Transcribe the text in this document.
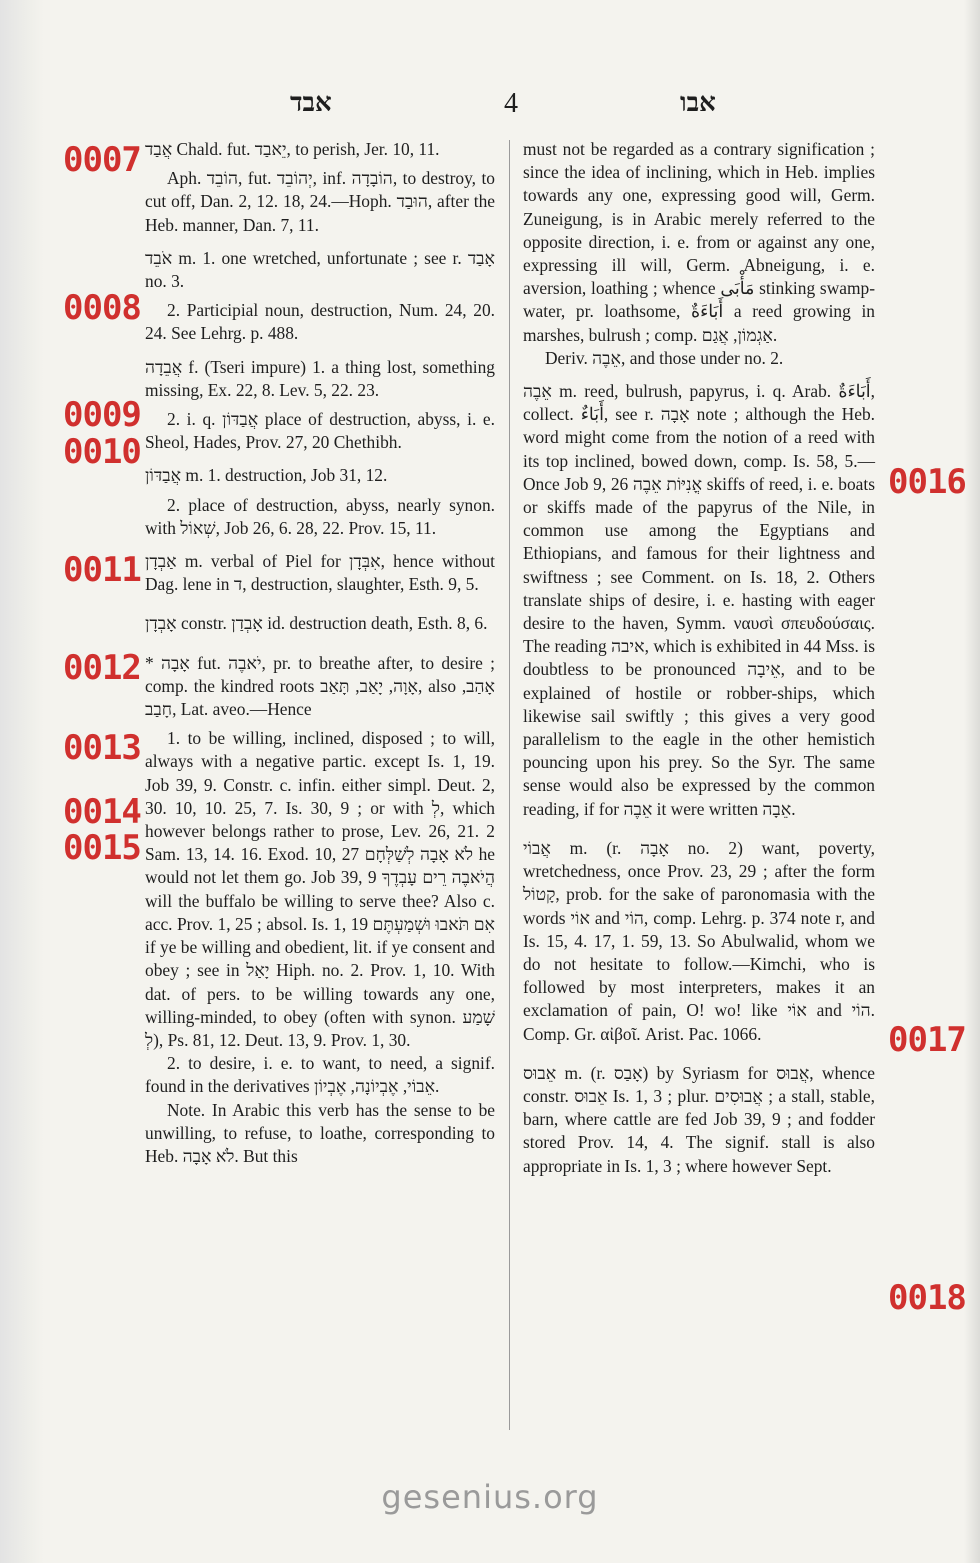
אבד	4	אבו

אֲבַד Chald. fut. יֵאבַד, to perish, Jer. 10, 11.

Aph. הוֹבֵד, fut. יְהוֹבֵד, inf. הוֹבָדָה, to destroy, to cut off, Dan. 2, 12. 18, 24.—Hoph. הוּבַד, after the Heb. manner, Dan. 7, 11.

אֹבֵד m. 1. one wretched, unfortunate ; see r. אָבַד no. 3.

2. Participial noun, destruction, Num. 24, 20. 24. See Lehrg. p. 488.

אֲבֵדָה f. (Tseri impure) 1. a thing lost, something missing, Ex. 22, 8. Lev. 5, 22. 23.

2. i. q. אֲבַדּוֹן place of destruction, abyss, i. e. Sheol, Hades, Prov. 27, 20 Chethibh.

אֲבַדּוֹן m. 1. destruction, Job 31, 12.

2. place of destruction, abyss, nearly synon. with שְׁאוֹל, Job 26, 6. 28, 22. Prov. 15, 11.

אַבְדָן m. verbal of Piel for אִבְּדָן, hence without Dag. lene in ד, destruction, slaughter, Esth. 9, 5.

אָבְדָן constr. אָבְדַן id. destruction death, Esth. 8, 6.

* אָבָה fut. יֹאבֶה, pr. to breathe after, to desire ; comp. the kindred roots אָוָה, יָאַב, תָּאַב, also אָהַב, חָבַב, Lat. aveo.—Hence

1. to be willing, inclined, disposed ; to will, always with a negative partic. except Is. 1, 19. Job 39, 9. Constr. c. infin. either simpl. Deut. 2, 30. 10, 10. 25, 7. Is. 30, 9 ; or with לְ, which however belongs rather to prose, Lev. 26, 21. 2 Sam. 13, 14. 16. Exod. 10, 27 לֹא אָבָה לְשַׁלְּחָם he would not let them go. Job 39, 9 הֲיֹאבֶה רֵים עָבְדֶךָ will the buffalo be willing to serve thee? Also c. acc. Prov. 1, 25 ; absol. Is. 1, 19 אִם תֹּאבוּ וּשְׁמַעְתֶּם if ye be willing and obedient, lit. if ye consent and obey ; see in יָאַל Hiph. no. 2. Prov. 1, 10. With dat. of pers. to be willing towards any one, willing-minded, to obey (often with synon. שָׁמַע לְ), Ps. 81, 12. Deut. 13, 9. Prov. 1, 30.

2. to desire, i. e. to want, to need, a signif. found in the derivatives אֵבוֹי, אֶבְיוֹנָה, אֶבְיוֹן.

Note. In Arabic this verb has the sense to be unwilling, to refuse, to loathe, corresponding to Heb. לֹא אָבָה. But this

must not be regarded as a contrary signification ; since the idea of inclining, which in Heb. implies towards any one, expressing good will, Germ. Zuneigung, is in Arabic merely referred to the opposite direction, i. e. from or against any one, expressing ill will, Germ. Abneigung, i. e. aversion, loathing ; whence مَأْبَى stinking swamp-water, pr. loathsome, أَبَاءَةٌ a reed growing in marshes, bulrush ; comp. אַגְמוֹן, אֲגַם.

Deriv. אֵבֶה, and those under no. 2.

אֵבֶה m. reed, bulrush, papyrus, i. q. Arab. أَبَاءَةٌ, collect. أَبَاءٌ, see r. אָבָה note ; although the Heb. word might come from the notion of a reed with its top inclined, bowed down, comp. Is. 58, 5.—Once Job 9, 26 אֳנִיּוֹת אֵבֶה skiffs of reed, i. e. boats or skiffs made of the papyrus of the Nile, in common use among the Egyptians and Ethiopians, and famous for their lightness and swiftness ; see Comment. on Is. 18, 2. Others translate ships of desire, i. e. hasting with eager desire to the haven, Symm. ναυσὶ σπευδούσαις. The reading איבה, which is exhibited in 44 Mss. is doubtless to be pronounced אֵיבָה, and to be explained of hostile or robber-ships, which likewise sail swiftly ; this gives a very good parallelism to the eagle in the other hemistich pouncing upon his prey. So the Syr. The same sense would also be expressed by the common reading, if for אֵבֶה it were written אֵבָה.

אֲבוֹי m. (r. אָבָה no. 2) want, poverty, wretchedness, once Prov. 23, 29 ; after the form קָטוֹל, prob. for the sake of paronomasia with the words אוֹי and הוֹי, comp. Lehrg. p. 374 note r, and Is. 15, 4. 17, 1. 59, 13. So Abulwalid, whom we do not hesitate to follow.—Kimchi, who is followed by most interpreters, makes it an exclamation of pain, O! wo! like אוֹי and הוֹי. Comp. Gr. αἰβοῖ. Arist. Pac. 1066.

אֵבוּס m. (r. אָבַס) by Syriasm for אֲבוּס, whence constr. אֵבוּס Is. 1, 3 ; plur. אֲבוּסִים ; a stall, stable, barn, where cattle are fed Job 39, 9 ; and fodder stored Prov. 14, 4. The signif. stall is also appropriate in Is. 1, 3 ; where however Sept.

0007
0008
0009
0010
0011
0012
0013
0014
0015
0016
0017
0018
gesenius.org
